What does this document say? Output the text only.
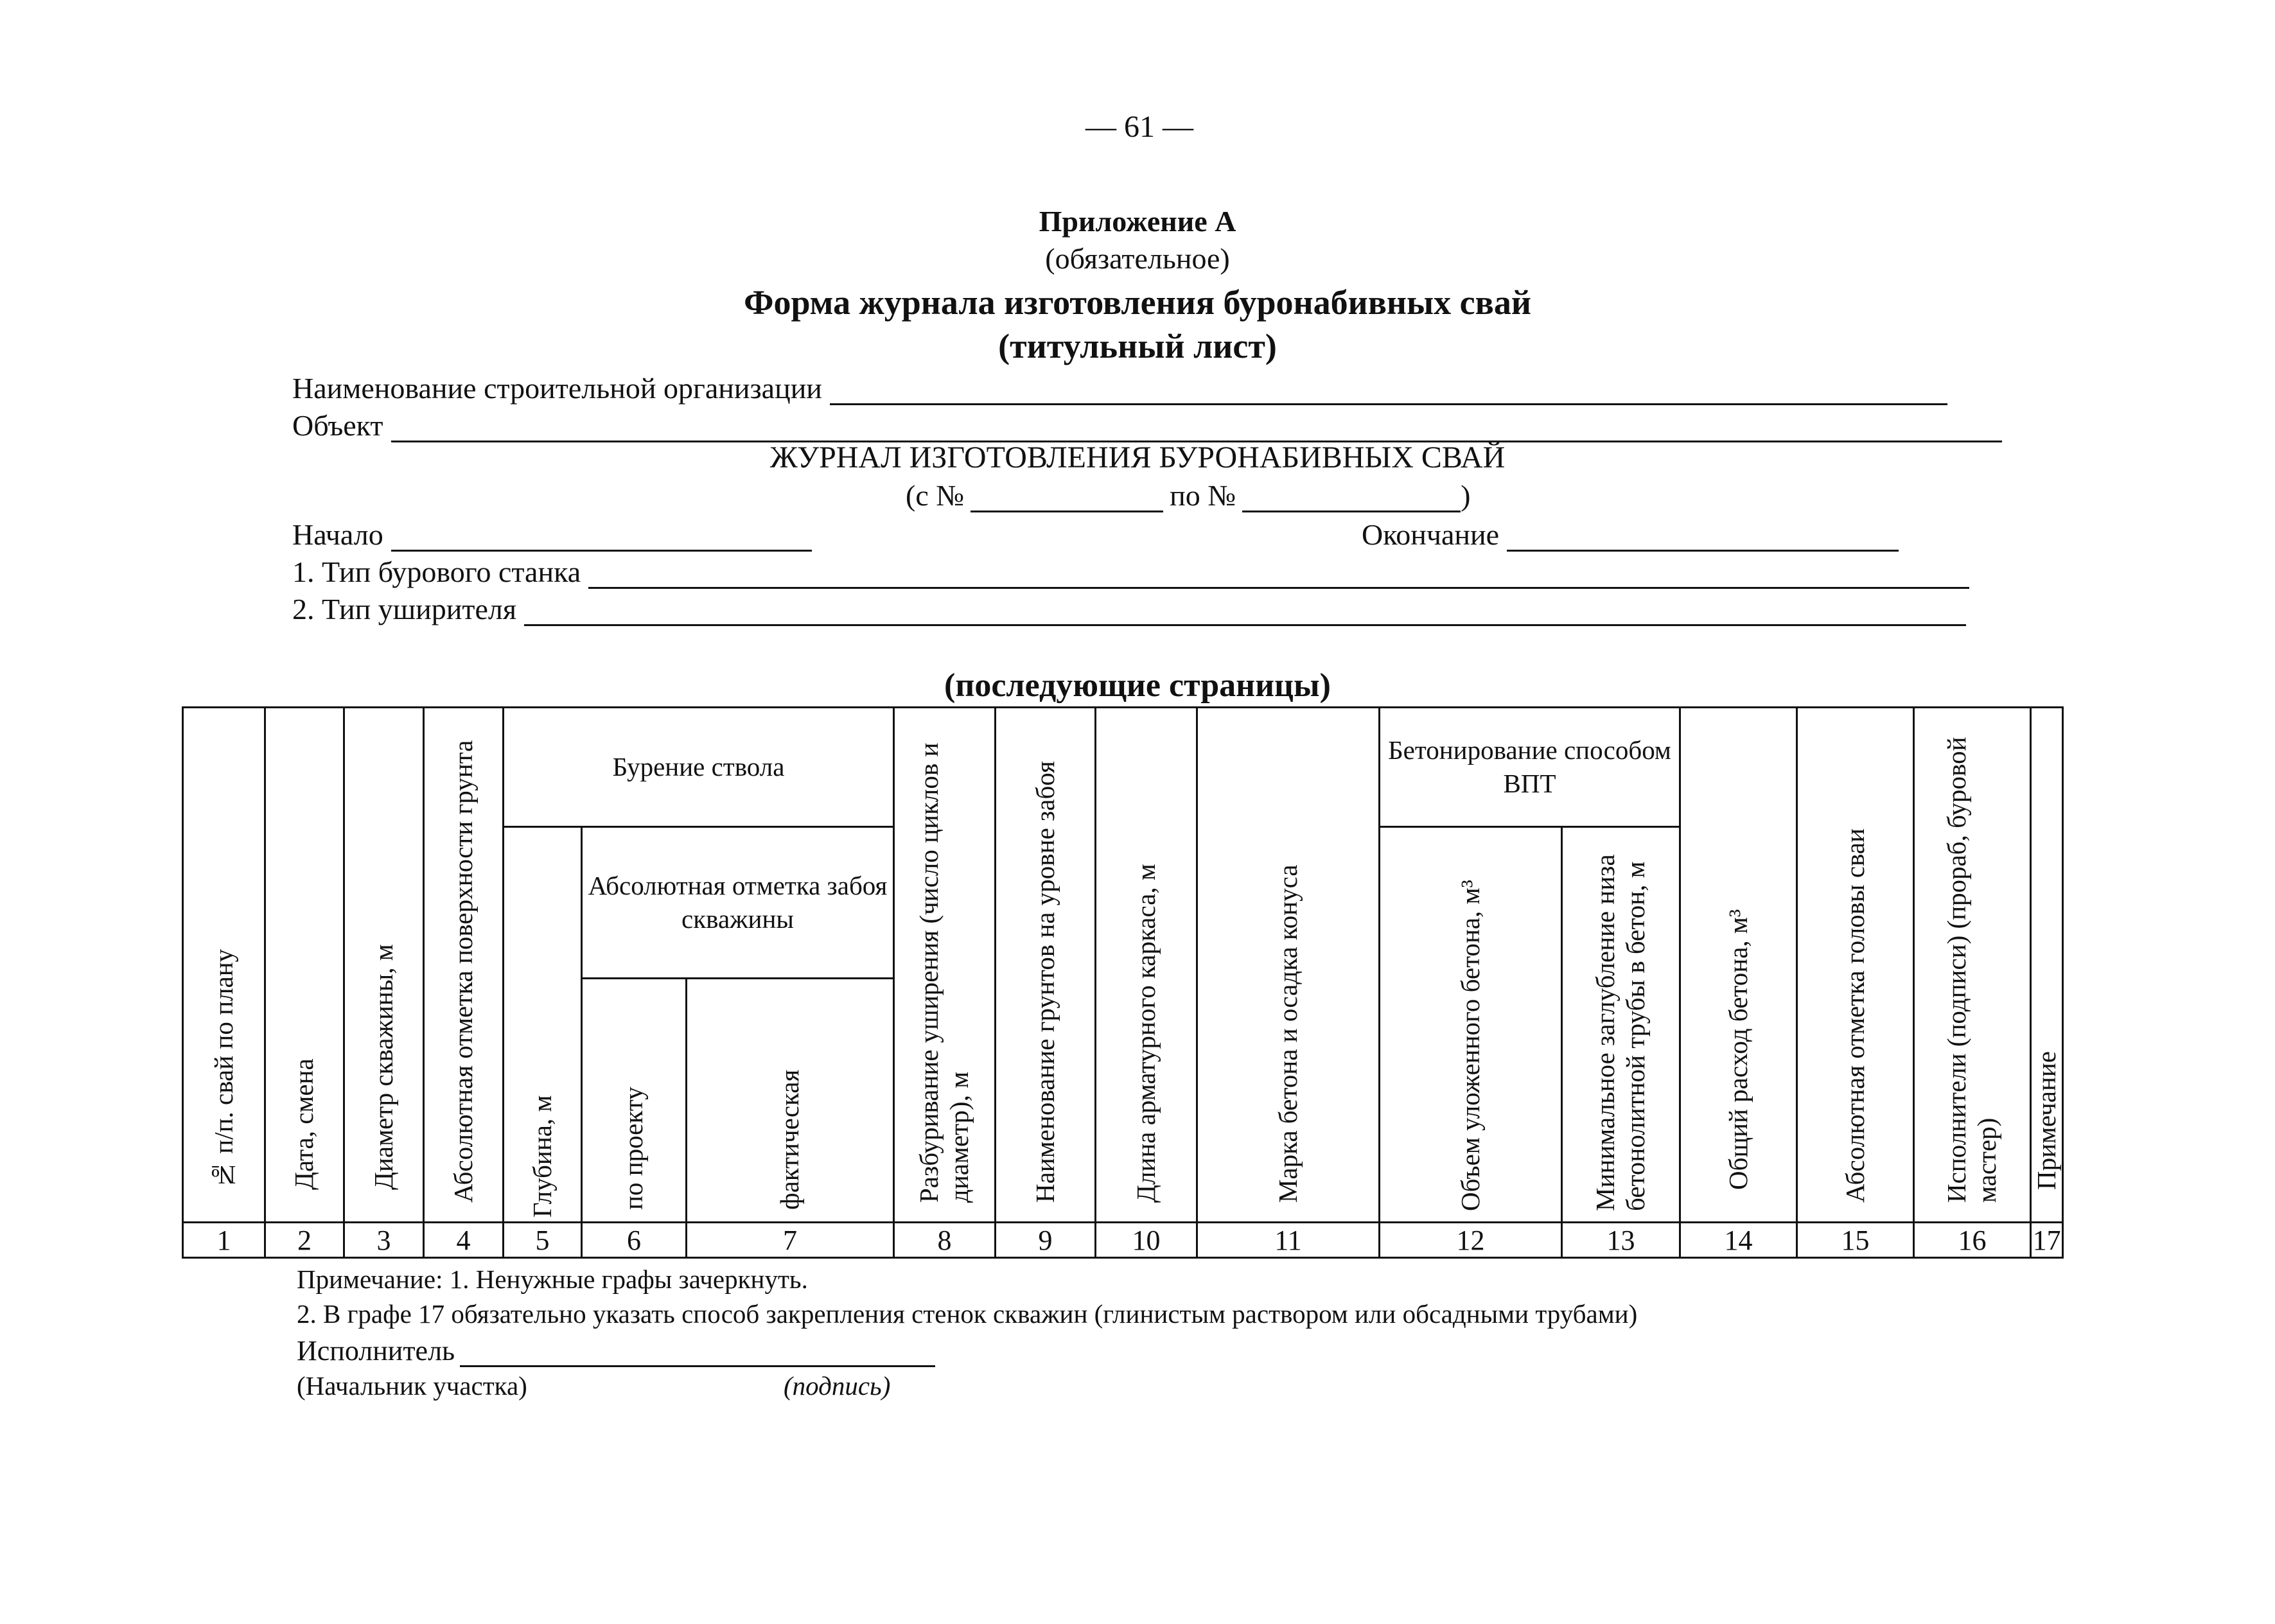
— 61 —
Приложение А
(обязательное)
Форма журнала изготовления буронабивных свай
(титульный лист)
Наименование строительной организации
Объект
ЖУРНАЛ ИЗГОТОВЛЕНИЯ БУРОНАБИВНЫХ СВАЙ
(с №	по №	)
Начало	Окончание
1. Тип бурового станка
2. Тип уширителя
(последующие страницы)
№ п/п. свай по плану	Дата, смена	Диаметр скважины, м	Абсолютная отметка поверхности грунта	Бурение ствола			Разбуривание уширения (число циклов и диаметр), м	Наименование грунтов на уровне забоя	Длина арматурного каркаса, м	Марка бетона и осадка конуса	Бетонирование способом ВПТ		Общий расход бетона, м³	Абсолютная отметка головы сваи	Исполнители (подписи) (прораб, буровой мастер)	Примечание

				Глубина, м	Абсолютная отметка забоя скважины						Объем уложенного бетона, м³	Минимальное заглубление низа бетонолитной трубы в бетон, м				

					по проекту	фактическая										

1	2	3	4	5	6	7	8	9	10	11	12	13	14	15	16	17
Примечание: 1. Ненужные графы зачеркнуть.
2. В графе 17 обязательно указать способ закрепления стенок скважин (глинистым раствором или обсадными трубами)
Исполнитель
(Начальник участка)	(подпись)
